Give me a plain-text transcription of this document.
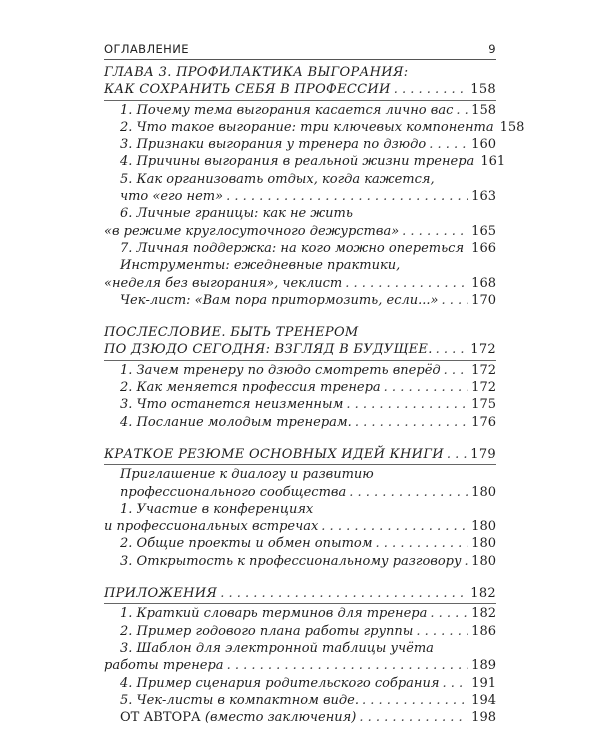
ОГЛАВЛЕНИЕ	9
ГЛАВА 3. ПРОФИЛАКТИКА ВЫГОРАНИЯ:
КАК СОХРАНИТЬ СЕБЯ В ПРОФЕССИИ . . .	158
1. Почему тема выгорания касается лично вас . . . 158
2. Что такое выгорание: три ключевых компонента 158
3. Признаки выгорания у тренера по дзюдо . . .	160
4. Причины выгорания в реальной жизни тренера 161
5. Как организовать отдых, когда кажется,
что «его нет» . . .	163
6. Личные границы: как не жить
«в режиме круглосуточного дежурства» . . .	165
7. Личная поддержка: на кого можно опереться . . . 166
Инструменты: ежедневные практики,
«неделя без выгорания», чеклист . . .	168
Чек-лист: «Вам пора притормозить, если...» . . .	170
ПОСЛЕСЛОВИЕ. БЫТЬ ТРЕНЕРОМ
ПО ДЗЮДО СЕГОДНЯ: ВЗГЛЯД В БУДУЩЕЕ. . . .	172
1. Зачем тренеру по дзюдо смотреть вперёд . . . 172
2. Как меняется профессия тренера . . .	172
3. Что останется неизменным . . .	175
4. Послание молодым тренерам. . . .	176
КРАТКОЕ РЕЗЮМЕ ОСНОВНЫХ ИДЕЙ КНИГИ . . . 179
Приглашение к диалогу и развитию
профессионального сообщества . . .	180
1. Участие в конференциях
и профессиональных встречах . . .	180
2. Общие проекты и обмен опытом . . .	180
3. Открытость к профессиональному разговору . . . 180
ПРИЛОЖЕНИЯ . . .	182
1. Краткий словарь терминов для тренера . . .	182
2. Пример годового плана работы группы . . .	186
3. Шаблон для электронной таблицы учёта
работы тренера . . .	189
4. Пример сценария родительского собрания . . . 191
5. Чек-листы в компактном виде. . . .	194
ОТ АВТОРА (вместо заключения) . . .	198
